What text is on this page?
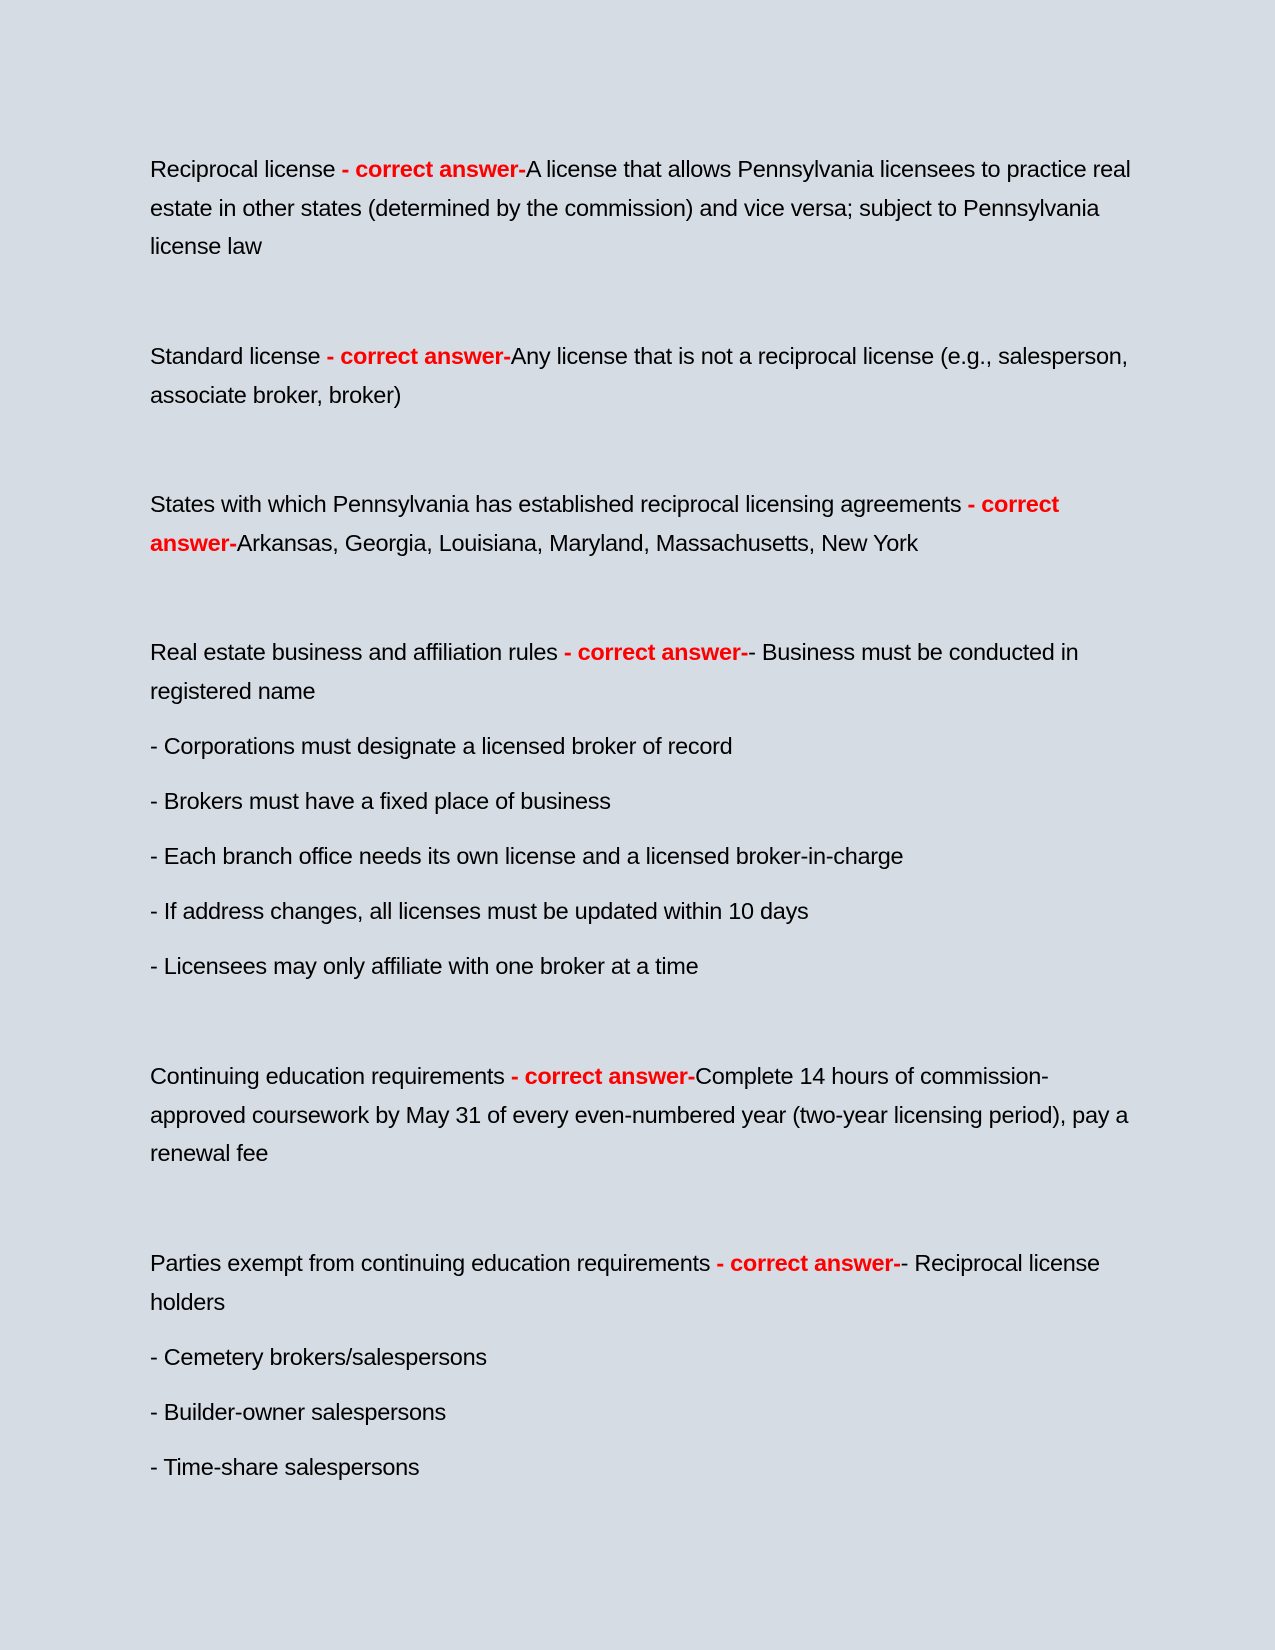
Reciprocal license - correct answer-A license that allows Pennsylvania licensees to practice real estate in other states (determined by the commission) and vice versa; subject to Pennsylvania license law

Standard license - correct answer-Any license that is not a reciprocal license (e.g., salesperson, associate broker, broker)

States with which Pennsylvania has established reciprocal licensing agreements - correct answer-Arkansas, Georgia, Louisiana, Maryland, Massachusetts, New York

Real estate business and affiliation rules - correct answer-- Business must be conducted in registered name

- Corporations must designate a licensed broker of record

- Brokers must have a fixed place of business

- Each branch office needs its own license and a licensed broker-in-charge

- If address changes, all licenses must be updated within 10 days

- Licensees may only affiliate with one broker at a time

Continuing education requirements - correct answer-Complete 14 hours of commission-approved coursework by May 31 of every even-numbered year (two-year licensing period), pay a renewal fee

Parties exempt from continuing education requirements - correct answer-- Reciprocal license holders

- Cemetery brokers/salespersons

- Builder-owner salespersons

- Time-share salespersons
